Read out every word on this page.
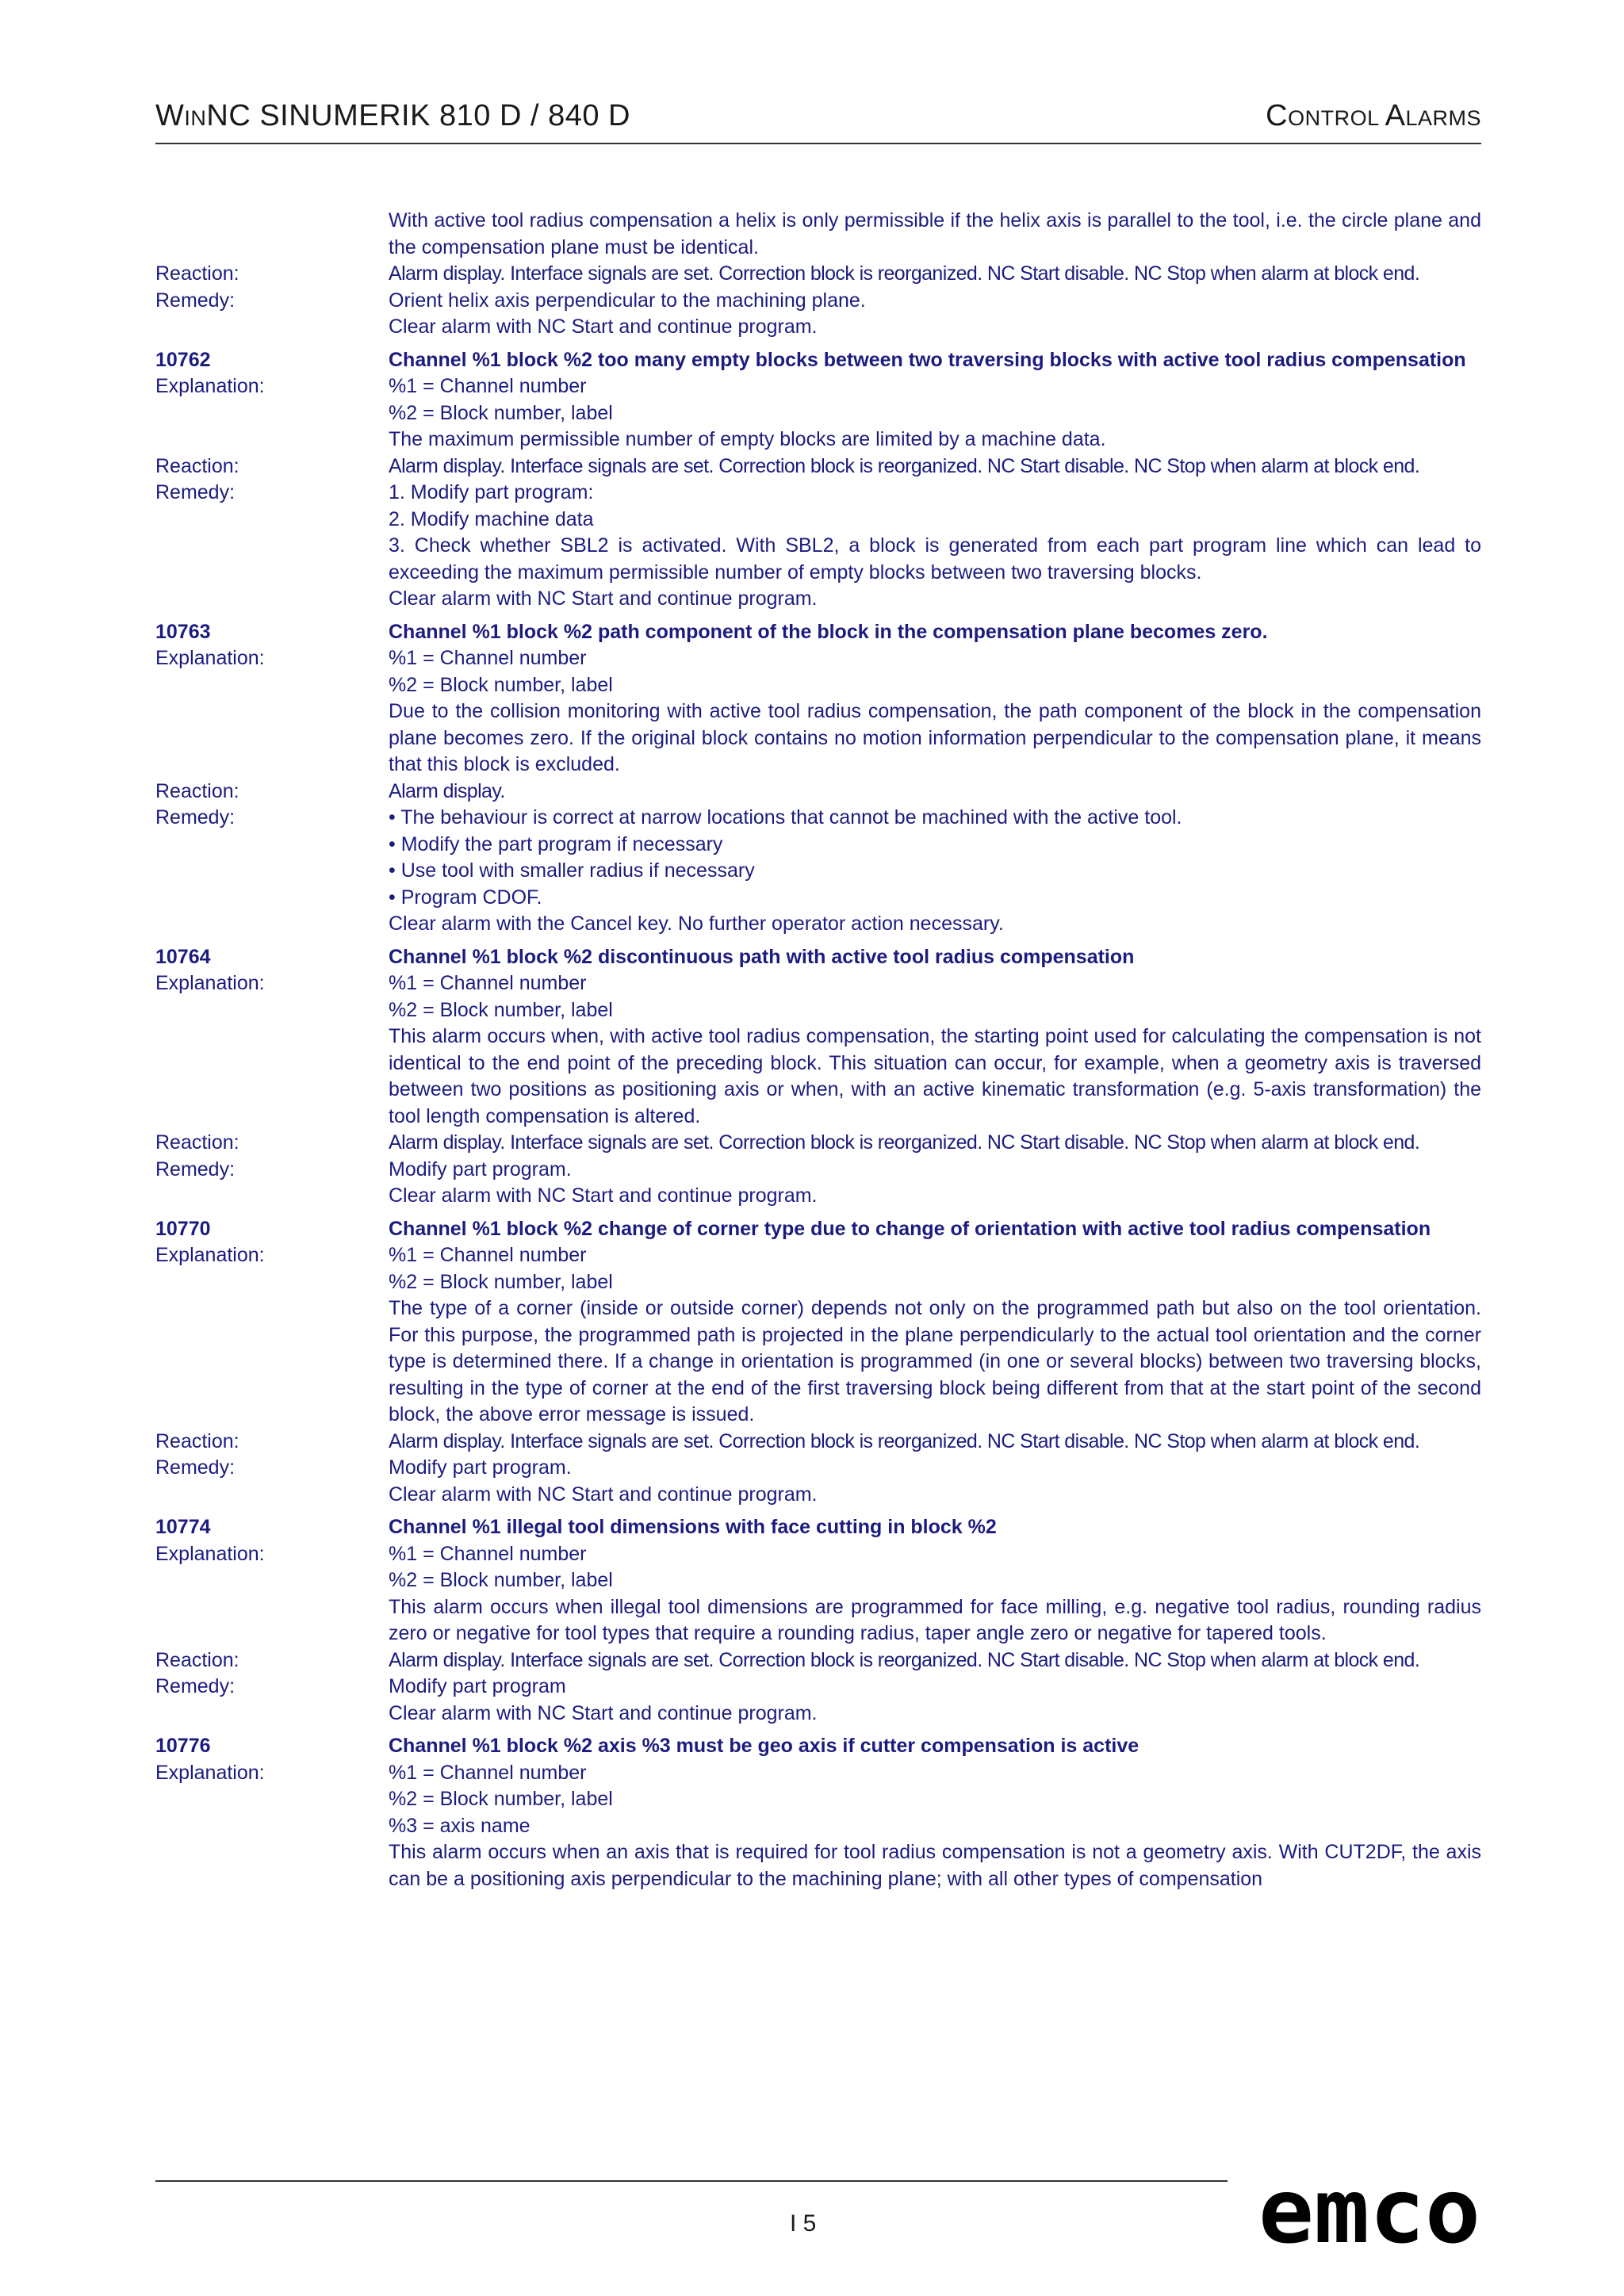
WINNC SINUMERIK 810 D / 840 D	CONTROL ALARMS
With active tool radius compensation a helix is only permissible if the helix axis is parallel to the tool, i.e. the circle plane and the compensation plane must be identical.
Reaction:	Alarm display. Interface signals are set. Correction block is reorganized. NC Start disable. NC Stop when alarm at block end.
Remedy:	Orient helix axis perpendicular to the machining plane.
Clear alarm with NC Start and continue program.
10762	Channel %1 block %2 too many empty blocks between two traversing blocks with active tool radius compensation
Explanation:	%1 = Channel number
%2 = Block number, label
The maximum permissible number of empty blocks are limited by a machine data.
Reaction:	Alarm display. Interface signals are set. Correction block is reorganized. NC Start disable. NC Stop when alarm at block end.
Remedy:	1. Modify part program:
2. Modify machine data
3. Check whether SBL2 is activated. With SBL2, a block is generated from each part program line which can lead to exceeding the maximum permissible number of empty blocks between two traversing blocks.
Clear alarm with NC Start and continue program.
10763	Channel %1 block %2 path component of the block in the compensation plane becomes zero.
Explanation:	%1 = Channel number
%2 = Block number, label
Due to the collision monitoring with active tool radius compensation, the path component of the block in the compensation plane becomes zero. If the original block contains no motion information perpendicular to the compensation plane, it means that this block is excluded.
Reaction:	Alarm display.
Remedy:	• The behaviour is correct at narrow locations that cannot be machined with the active tool.
• Modify the part program if necessary
• Use tool with smaller radius if necessary
• Program CDOF.
Clear alarm with the Cancel key. No further operator action necessary.
10764	Channel %1 block %2 discontinuous path with active tool radius compensation
Explanation:	%1 = Channel number
%2 = Block number, label
This alarm occurs when, with active tool radius compensation, the starting point used for calculating the compensation is not identical to the end point of the preceding block. This situation can occur, for example, when a geometry axis is traversed between two positions as positioning axis or when, with an active kinematic transformation (e.g. 5-axis transformation) the tool length compensation is altered.
Reaction:	Alarm display. Interface signals are set. Correction block is reorganized. NC Start disable. NC Stop when alarm at block end.
Remedy:	Modify part program.
Clear alarm with NC Start and continue program.
10770	Channel %1 block %2 change of corner type due to change of orientation with active tool radius compensation
Explanation:	%1 = Channel number
%2 = Block number, label
The type of a corner (inside or outside corner) depends not only on the programmed path but also on the tool orientation. For this purpose, the programmed path is projected in the plane perpendicularly to the actual tool orientation and the corner type is determined there. If a change in orientation is programmed (in one or several blocks) between two traversing blocks, resulting in the type of corner at the end of the first traversing block being different from that at the start point of the second block, the above error message is issued.
Reaction:	Alarm display. Interface signals are set. Correction block is reorganized. NC Start disable. NC Stop when alarm at block end.
Remedy:	Modify part program.
Clear alarm with NC Start and continue program.
10774	Channel %1 illegal tool dimensions with face cutting in block %2
Explanation:	%1 = Channel number
%2 = Block number, label
This alarm occurs when illegal tool dimensions are programmed for face milling, e.g. negative tool radius, rounding radius zero or negative for tool types that require a rounding radius, taper angle zero or negative for tapered tools.
Reaction:	Alarm display. Interface signals are set. Correction block is reorganized. NC Start disable. NC Stop when alarm at block end.
Remedy:	Modify part program
Clear alarm with NC Start and continue program.
10776	Channel %1 block %2 axis %3 must be geo axis if cutter compensation is active
Explanation:	%1 = Channel number
%2 = Block number, label
%3 = axis name
This alarm occurs when an axis that is required for tool radius compensation is not a geometry axis. With CUT2DF, the axis can be a positioning axis perpendicular to the machining plane; with all other types of compensation
I 5	emco
